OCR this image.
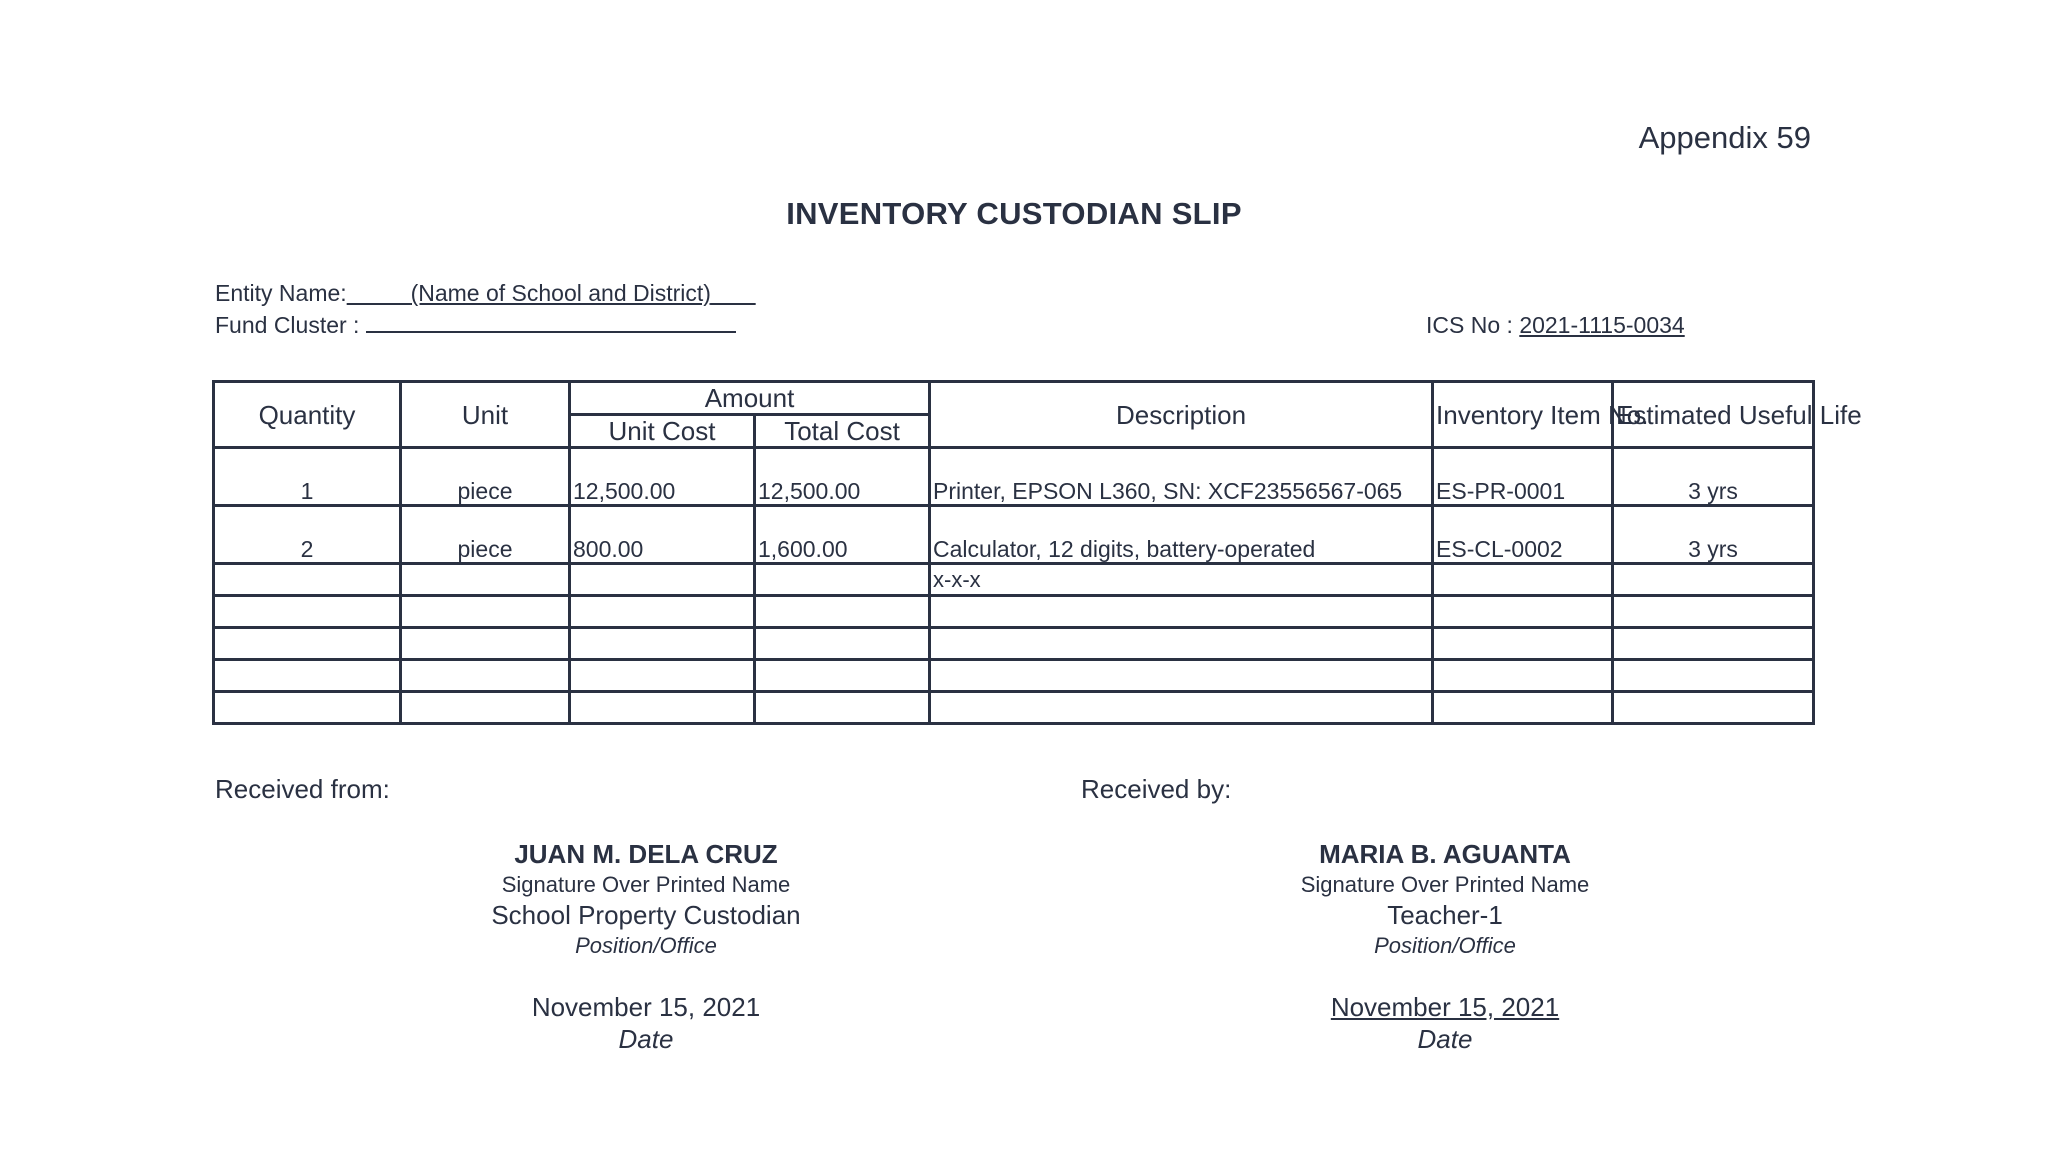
Appendix 59
INVENTORY CUSTODIAN SLIP
Entity Name:	(Name of School and District)
Fund Cluster :	ICS No : 2021-1115-0034
Quantity	Unit	Amount		Description	Inventory Item No.	Estimated Useful Life
		Unit Cost	Total Cost			
1	piece	12,500.00	12,500.00	Printer, EPSON L360, SN: XCF23556567-065	ES-PR-0001	3 yrs
2	piece	800.00	1,600.00	Calculator, 12 digits, battery-operated	ES-CL-0002	3 yrs
				x-x-x		

Received from:	Received by:
JUAN M. DELA CRUZ
Signature Over Printed Name
School Property Custodian
Position/Office
November 15, 2021
Date
MARIA B. AGUANTA
Signature Over Printed Name
Teacher-1
Position/Office
November 15, 2021
Date
